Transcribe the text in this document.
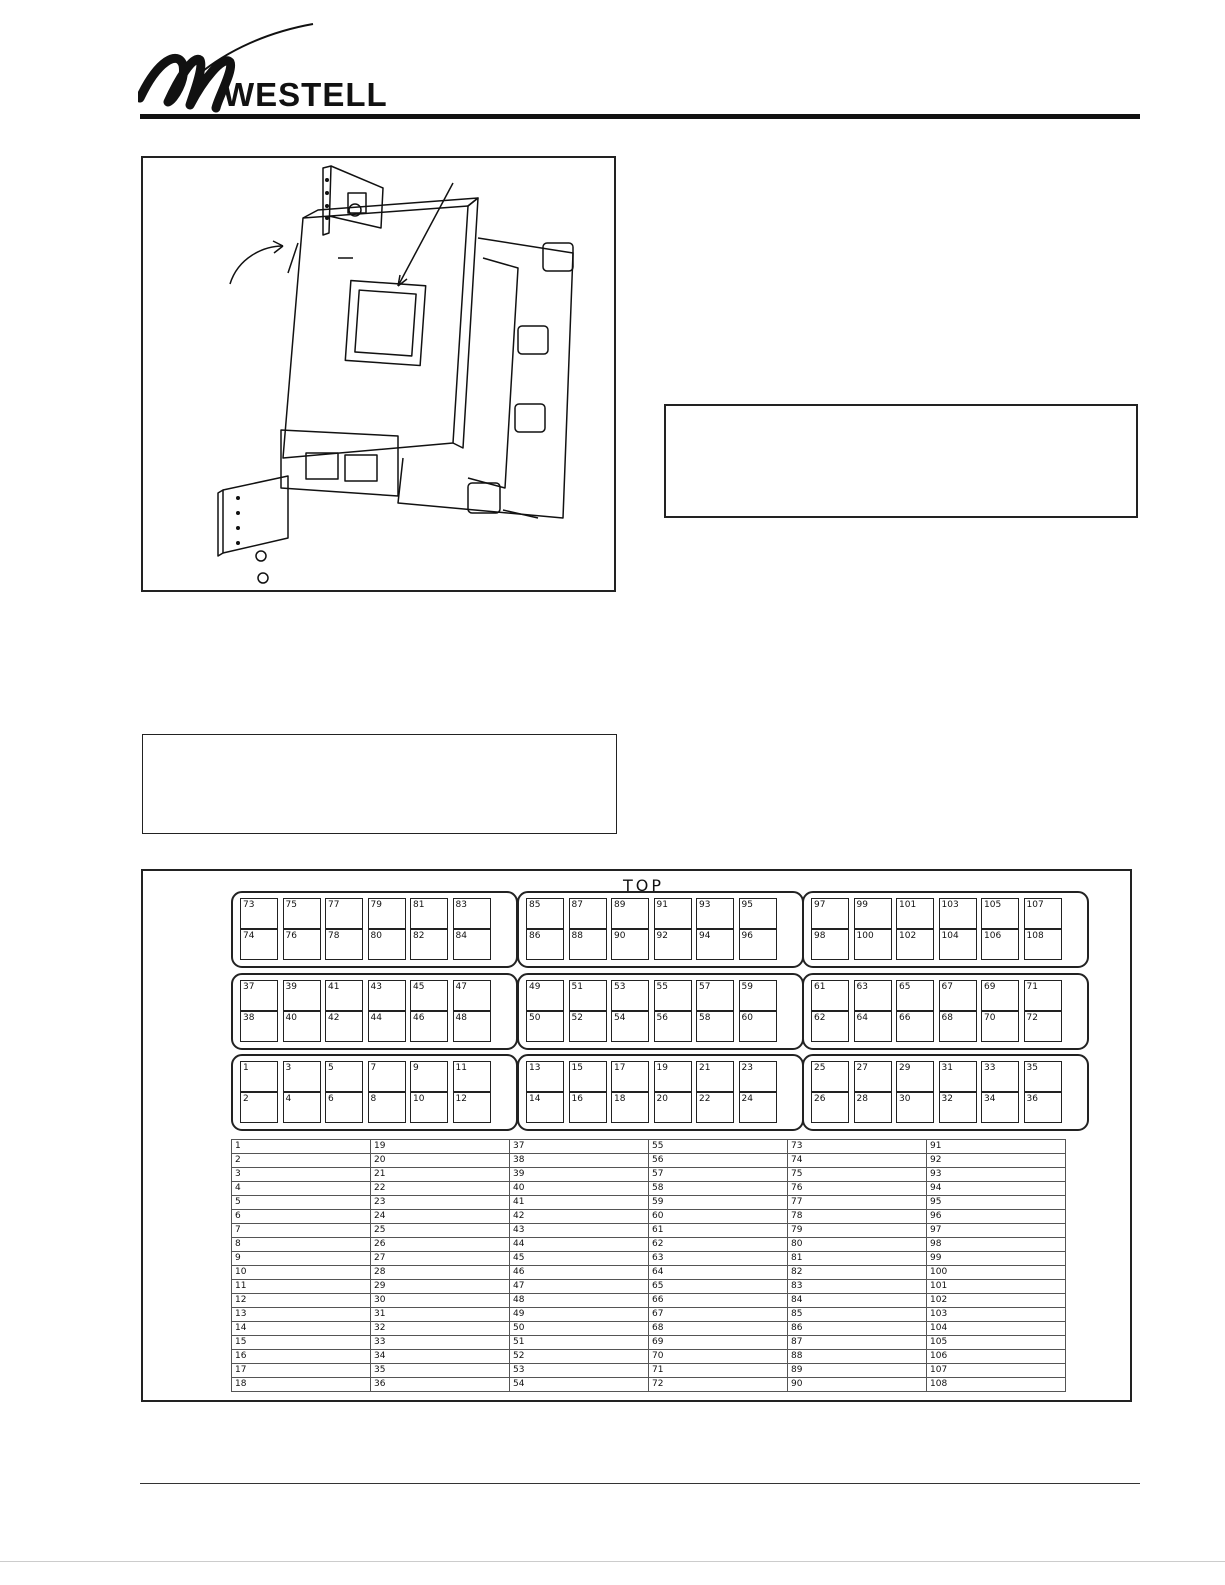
WESTELL
TOP
73	75	77	79	81	83
74	76	78	80	82	84
85	87	89	91	93	95
86	88	90	92	94	96
97	99	101	103	105	107
98	100	102	104	106	108
37	39	41	43	45	47
38	40	42	44	46	48
49	51	53	55	57	59
50	52	54	56	58	60
61	63	65	67	69	71
62	64	66	68	70	72
1	3	5	7	9	11
2	4	6	8	10	12
13	15	17	19	21	23
14	16	18	20	22	24
25	27	29	31	33	35
26	28	30	32	34	36
1	19	37	55	73	91
2	20	38	56	74	92
3	21	39	57	75	93
4	22	40	58	76	94
5	23	41	59	77	95
6	24	42	60	78	96
7	25	43	61	79	97
8	26	44	62	80	98
9	27	45	63	81	99
10	28	46	64	82	100
11	29	47	65	83	101
12	30	48	66	84	102
13	31	49	67	85	103
14	32	50	68	86	104
15	33	51	69	87	105
16	34	52	70	88	106
17	35	53	71	89	107
18	36	54	72	90	108
